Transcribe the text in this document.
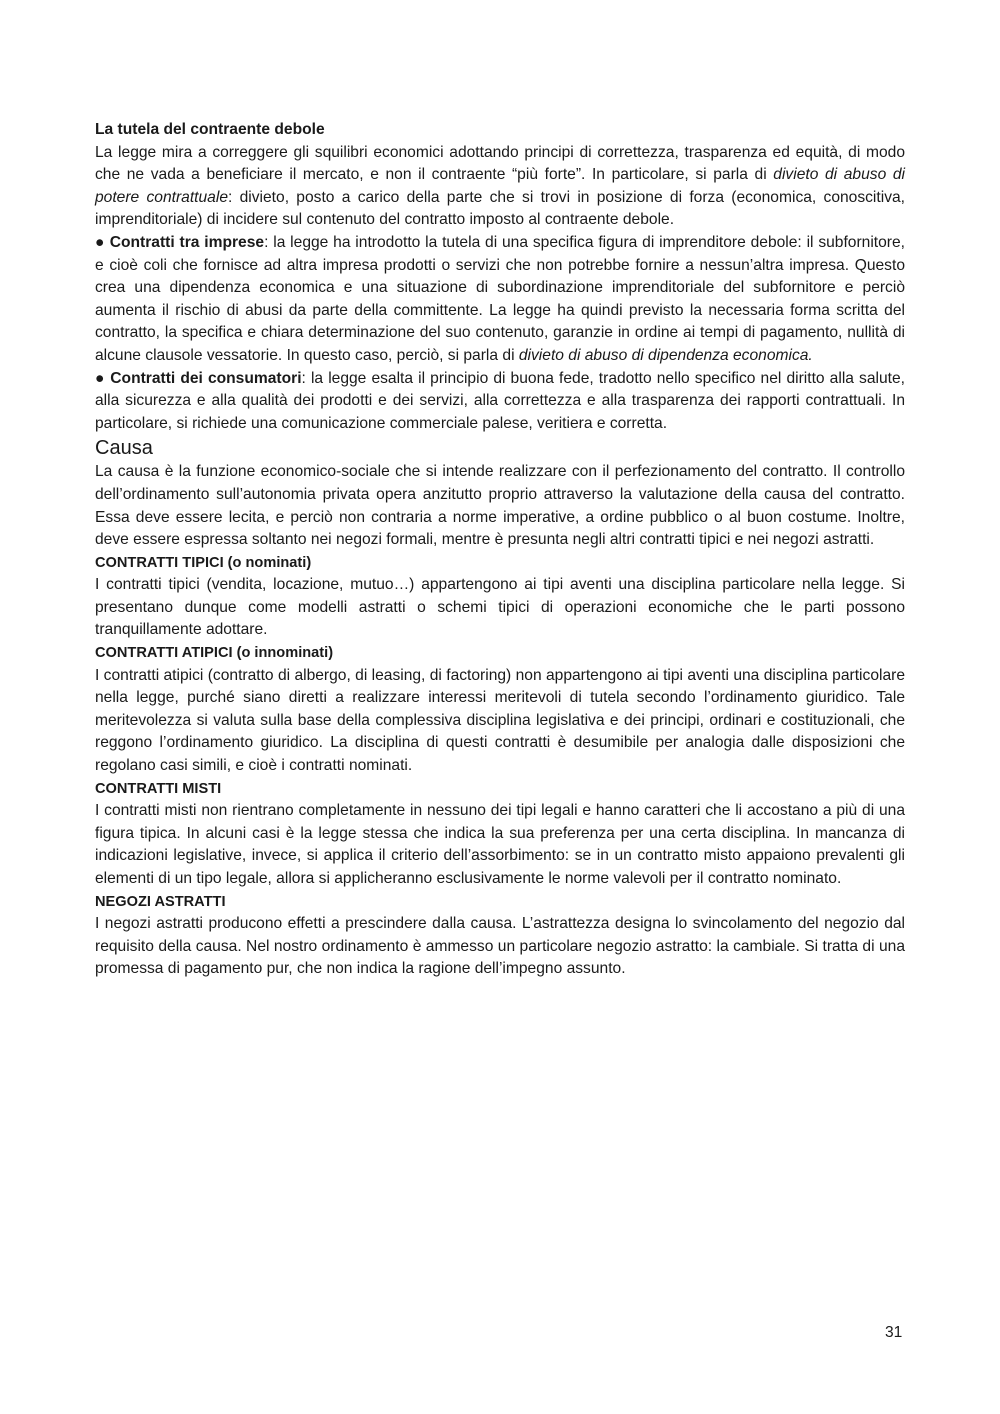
La tutela del contraente debole

La legge mira a correggere gli squilibri economici adottando principi di correttezza, trasparenza ed equità, di modo che ne vada a beneficiare il mercato, e non il contraente “più forte”. In particolare, si parla di divieto di abuso di potere contrattuale: divieto, posto a carico della parte che si trovi in posizione di forza (economica, conoscitiva, imprenditoriale) di incidere sul contenuto del contratto imposto al contraente debole.

● Contratti tra imprese: la legge ha introdotto la tutela di una specifica figura di imprenditore debole: il subfornitore, e cioè coli che fornisce ad altra impresa prodotti o servizi che non potrebbe fornire a nessun’altra impresa. Questo crea una dipendenza economica e una situazione di subordinazione imprenditoriale del subfornitore e perciò aumenta il rischio di abusi da parte della committente. La legge ha quindi previsto la necessaria forma scritta del contratto, la specifica e chiara determinazione del suo contenuto, garanzie in ordine ai tempi di pagamento, nullità di alcune clausole vessatorie. In questo caso, perciò, si parla di divieto di abuso di dipendenza economica.

● Contratti dei consumatori: la legge esalta il principio di buona fede, tradotto nello specifico nel diritto alla salute, alla sicurezza e alla qualità dei prodotti e dei servizi, alla correttezza e alla trasparenza dei rapporti contrattuali. In particolare, si richiede una comunicazione commerciale palese, veritiera e corretta.

Causa

La causa è la funzione economico-sociale che si intende realizzare con il perfezionamento del contratto. Il controllo dell’ordinamento sull’autonomia privata opera anzitutto proprio attraverso la valutazione della causa del contratto. Essa deve essere lecita, e perciò non contraria a norme imperative, a ordine pubblico o al buon costume. Inoltre, deve essere espressa soltanto nei negozi formali, mentre è presunta negli altri contratti tipici e nei negozi astratti.

CONTRATTI TIPICI (o nominati)

I contratti tipici (vendita, locazione, mutuo…) appartengono ai tipi aventi una disciplina particolare nella legge. Si presentano dunque come modelli astratti o schemi tipici di operazioni economiche che le parti possono tranquillamente adottare.

CONTRATTI ATIPICI (o innominati)

I contratti atipici (contratto di albergo, di leasing, di factoring) non appartengono ai tipi aventi una disciplina particolare nella legge, purché siano diretti a realizzare interessi meritevoli di tutela secondo l’ordinamento giuridico. Tale meritevolezza si valuta sulla base della complessiva disciplina legislativa e dei principi, ordinari e costituzionali, che reggono l’ordinamento giuridico. La disciplina di questi contratti è desumibile per analogia dalle disposizioni che regolano casi simili, e cioè i contratti nominati.

CONTRATTI MISTI

I contratti misti non rientrano completamente in nessuno dei tipi legali e hanno caratteri che li accostano a più di una figura tipica. In alcuni casi è la legge stessa che indica la sua preferenza per una certa disciplina. In mancanza di indicazioni legislative, invece, si applica il criterio dell’assorbimento: se in un contratto misto appaiono prevalenti gli elementi di un tipo legale, allora si applicheranno esclusivamente le norme valevoli per il contratto nominato.

NEGOZI ASTRATTI

I negozi astratti producono effetti a prescindere dalla causa. L’astrattezza designa lo svincolamento del negozio dal requisito della causa. Nel nostro ordinamento è ammesso un particolare negozio astratto: la cambiale. Si tratta di una promessa di pagamento pur, che non indica la ragione dell’impegno assunto.

31
